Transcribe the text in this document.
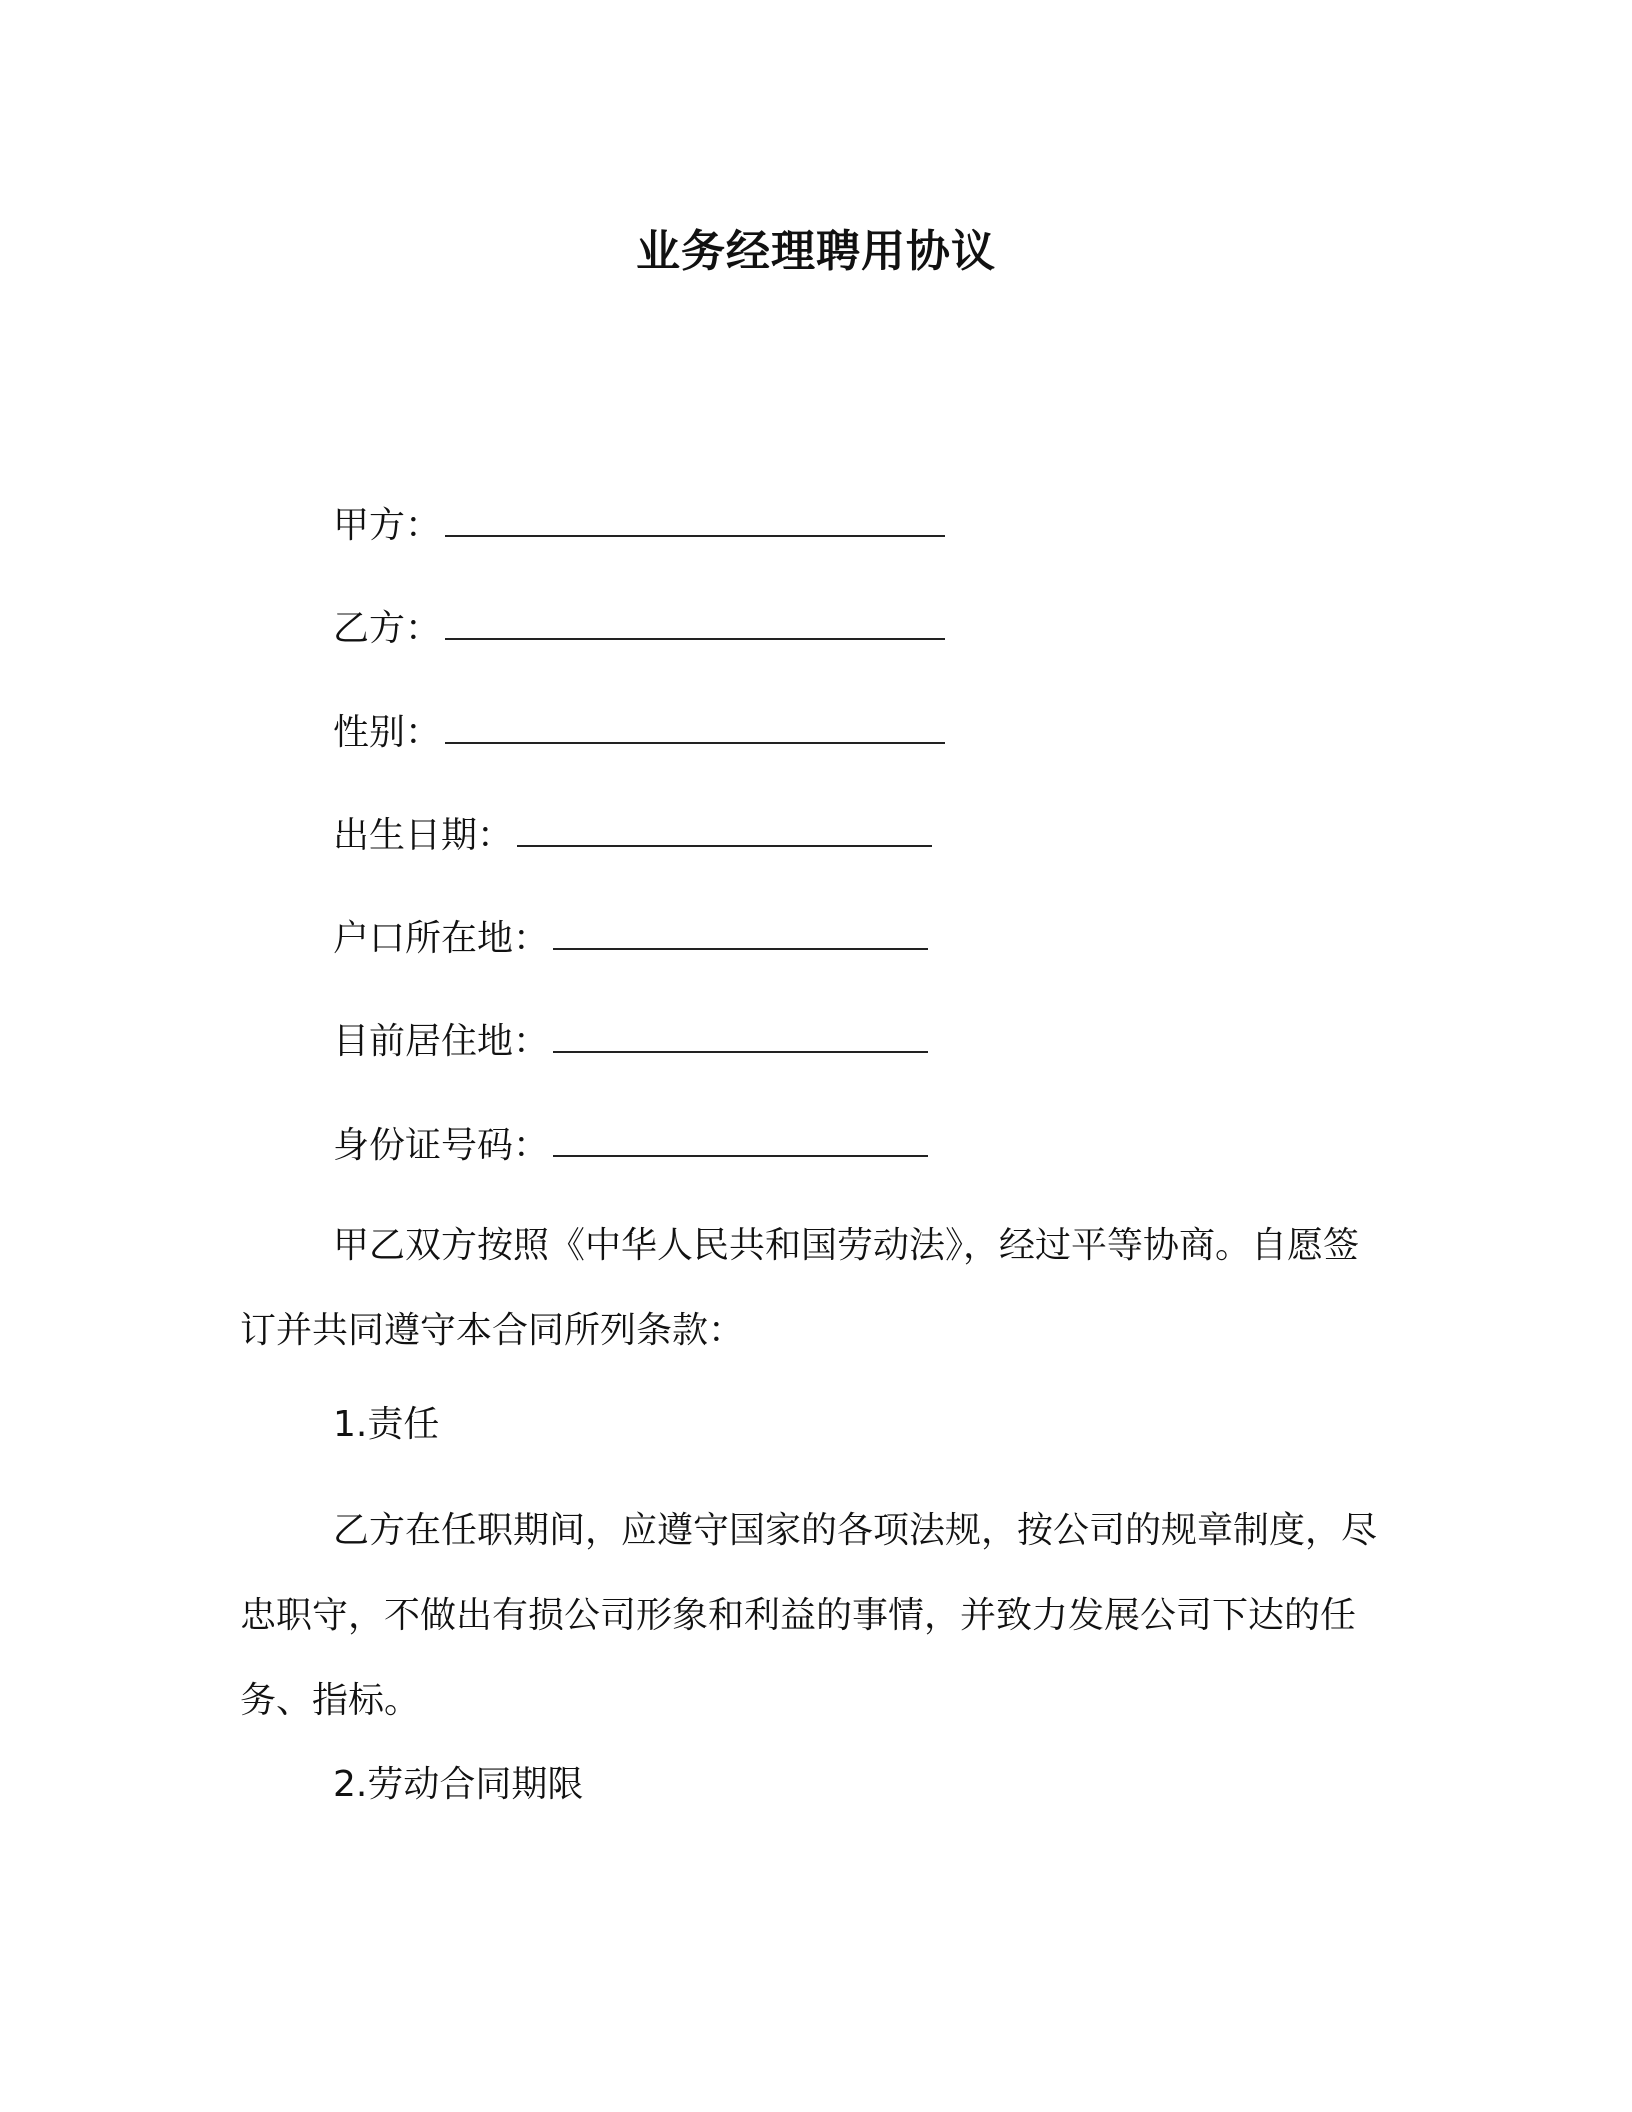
业务经理聘用协议
甲方：
乙方：
性别：
出生日期：
户口所在地：
目前居住地：
身份证号码：
甲乙双方按照《中华人民共和国劳动法》，经过平等协商。自愿签订并共同遵守本合同所列条款：
1.责任
乙方在任职期间，应遵守国家的各项法规，按公司的规章制度，尽忠职守，不做出有损公司形象和利益的事情，并致力发展公司下达的任务、指标。
2.劳动合同期限
